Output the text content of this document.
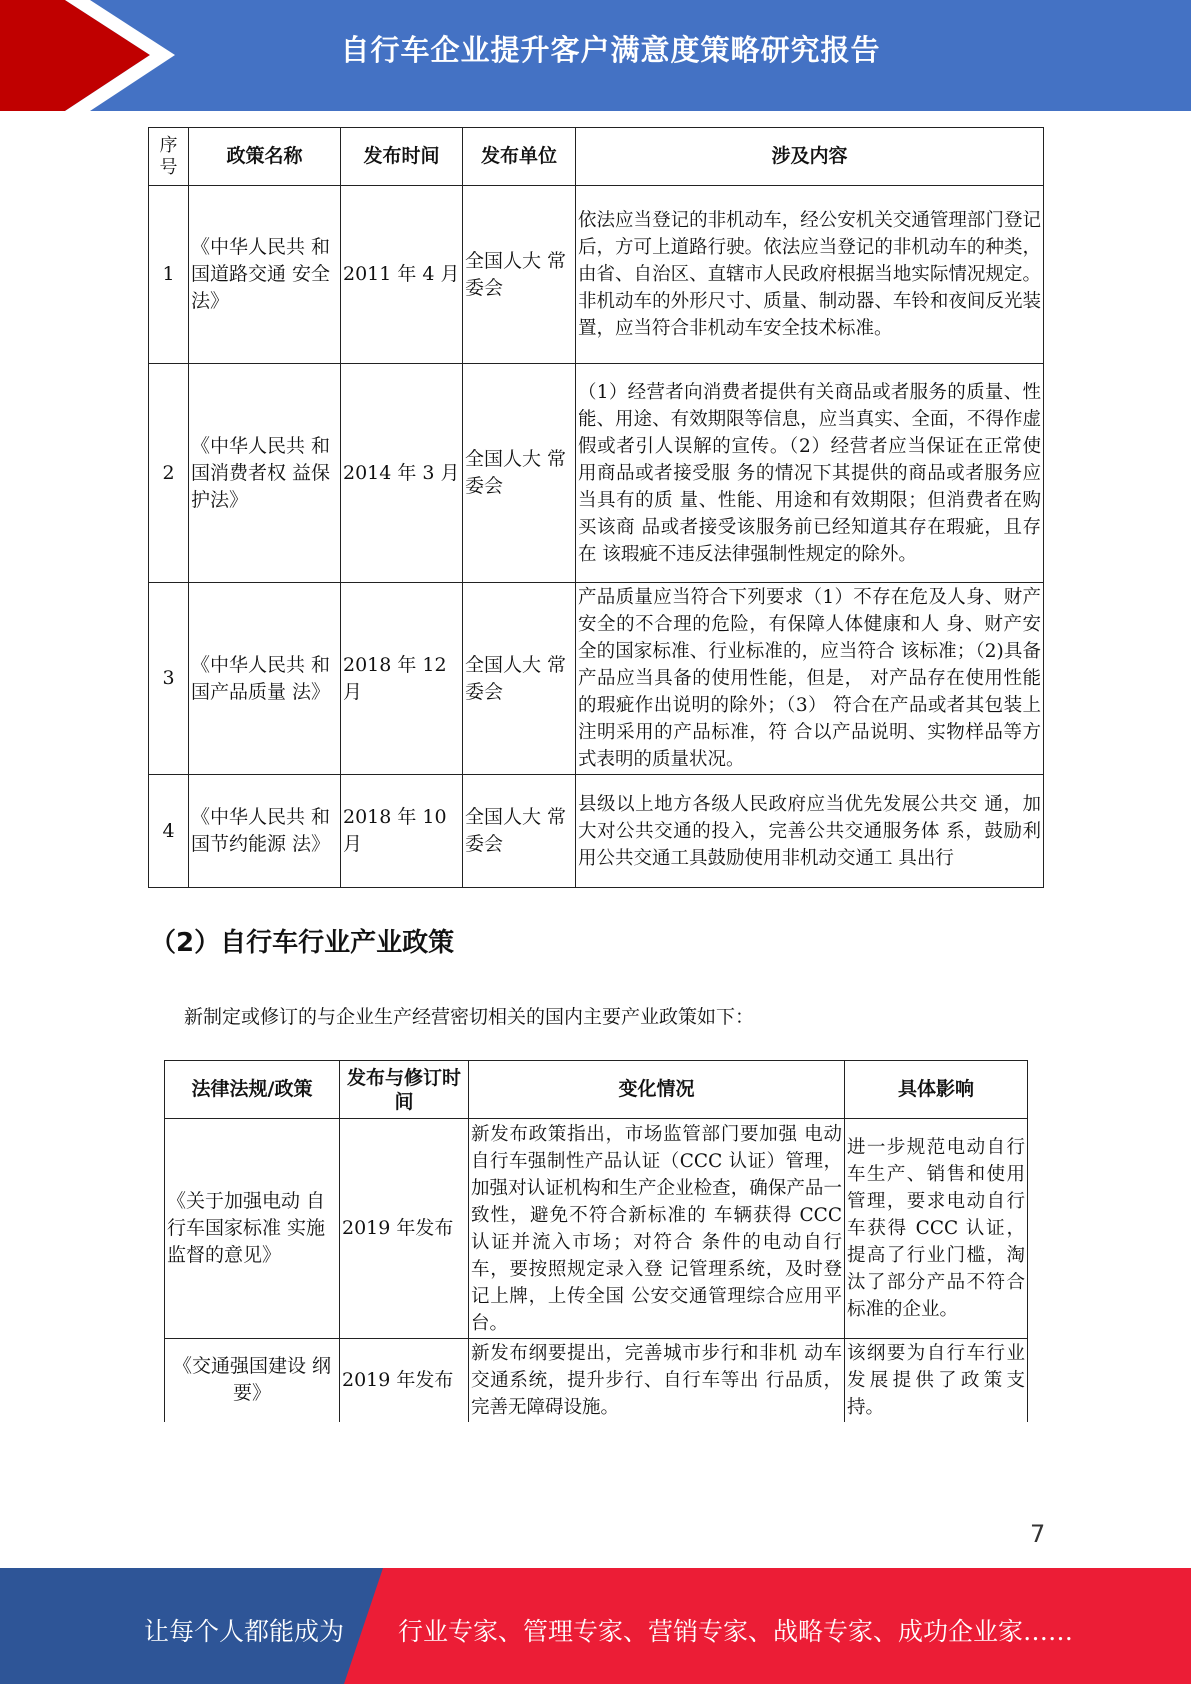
自行车企业提升客户满意度策略研究报告
序号	政策名称	发布时间	发布单位	涉及内容
1	《中华人民共 和国道路交通 安全法》	2011 年 4 月	全国人大 常委会	依法应当登记的非机动车，经公安机关交通管理部门登记后，方可上道路行驶。依法应当登记的非机动车的种类，由省、自治区、直辖市人民政府根据当地实际情况规定。非机动车的外形尺寸、质量、制动器、车铃和夜间反光装置，应当符合非机动车安全技术标准。
2	《中华人民共 和国消费者权 益保护法》	2014 年 3 月	全国人大 常委会	（1）经营者向消费者提供有关商品或者服务的质量、性能、用途、有效期限等信息，应当真实、全面，不得作虚假或者引人误解的宣传。（2）经营者应当保证在正常使用商品或者接受服 务的情况下其提供的商品或者服务应当具有的质 量、性能、用途和有效期限；但消费者在购买该商 品或者接受该服务前已经知道其存在瑕疵，且存在 该瑕疵不违反法律强制性规定的除外。
3	《中华人民共 和国产品质量 法》	2018 年 12 月	全国人大 常委会	产品质量应当符合下列要求（1）不存在危及人身、财产安全的不合理的危险，有保障人体健康和人 身、财产安全的国家标准、行业标准的，应当符合 该标准；（2)具备产品应当具备的使用性能，但是， 对产品存在使用性能的瑕疵作出说明的除外；（3） 符合在产品或者其包装上注明采用的产品标准，符 合以产品说明、实物样品等方式表明的质量状况。
4	《中华人民共 和国节约能源 法》	2018 年 10 月	全国人大 常委会	县级以上地方各级人民政府应当优先发展公共交 通，加大对公共交通的投入，完善公共交通服务体 系，鼓励利用公共交通工具鼓励使用非机动交通工 具出行
（2）自行车行业产业政策
新制定或修订的与企业生产经营密切相关的国内主要产业政策如下：
法律法规/政策	发布与修订时间	变化情况	具体影响
《关于加强电动 自行车国家标准 实施监督的意见》	2019 年发布	新发布政策指出，市场监管部门要加强 电动自行车强制性产品认证（CCC 认证）管理，加强对认证机构和生产企业检查，确保产品一致性，避免不符合新标准的 车辆获得 CCC 认证并流入市场；对符合 条件的电动自行车，要按照规定录入登 记管理系统，及时登记上牌，上传全国 公安交通管理综合应用平台。	进一步规范电动自行车生产、销售和使用管理，要求电动自行车获得 CCC 认证，提高了行业门槛，淘汰了部分产品不符合标准的企业。
《交通强国建设 纲要》	2019 年发布	新发布纲要提出，完善城市步行和非机 动车交通系统，提升步行、自行车等出 行品质，完善无障碍设施。	该纲要为自行车行业发展提供了政策支持。
7
让每个人都能成为 行业专家、管理专家、营销专家、战略专家、成功企业家……
